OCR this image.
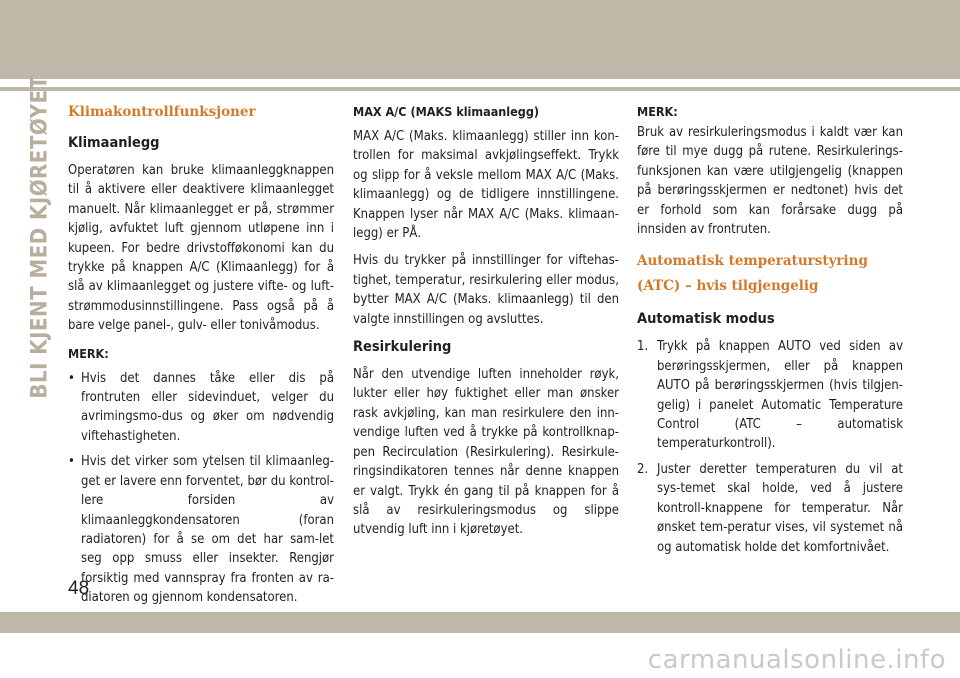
BLI KJENT MED KJØRETØYET Klimakontrollfunksjoner
Klimaanlegg

Operatøren kan bruke klimaanleggknappen til å aktivere eller deaktivere klimaanlegget manuelt. Når klimaanlegget er på, strømmer kjølig, avfuktet luft gjennom utløpene inn i kupeen. For bedre drivstofføkonomi kan du trykke på knappen A/C (Klimaanlegg) for å slå av klimaanlegget og justere vifte- og luft-strømmodusinnstillingene. Pass også på å bare velge panel-, gulv- eller tonivåmodus.

MERK:
• Hvis det dannes tåke eller dis på frontruten eller sidevinduet, velger du avrimingsmo-dus og øker om nødvendig viftehastigheten.
• Hvis det virker som ytelsen til klimaanleg-get er lavere enn forventet, bør du kontrol-lere forsiden av klimaanleggkondensatoren (foran radiatoren) for å se om det har sam-let seg opp smuss eller insekter. Rengjør forsiktig med vannspray fra fronten av ra-diatoren og gjennom kondensatoren.
MAX A/C (MAKS klimaanlegg)

MAX A/C (Maks. klimaanlegg) stiller inn kon-trollen for maksimal avkjølingseffekt. Trykk og slipp for å veksle mellom MAX A/C (Maks. klimaanlegg) og de tidligere innstillingene. Knappen lyser når MAX A/C (Maks. klimaan-legg) er PÅ.

Hvis du trykker på innstillinger for viftehas-tighet, temperatur, resirkulering eller modus, bytter MAX A/C (Maks. klimaanlegg) til den valgte innstillingen og avsluttes.

Resirkulering

Når den utvendige luften inneholder røyk, lukter eller høy fuktighet eller man ønsker rask avkjøling, kan man resirkulere den inn-vendige luften ved å trykke på kontrollknap-pen Recirculation (Resirkulering). Resirkule-ringsindikatoren tennes når denne knappen er valgt. Trykk én gang til på knappen for å slå av resirkuleringsmodus og slippe utvendig luft inn i kjøretøyet.

MERK:

Bruk av resirkuleringsmodus i kaldt vær kan føre til mye dugg på rutene. Resirkulerings-funksjonen kan være utilgjengelig (knappen på berøringsskjermen er nedtonet) hvis det er forhold som kan forårsake dugg på innsiden av frontruten.

Automatisk temperaturstyring (ATC) – hvis tilgjengelig
Automatisk modus
1. Trykk på knappen AUTO ved siden av berøringsskjermen, eller på knappen AUTO på berøringsskjermen (hvis tilgjen-gelig) i panelet Automatic Temperature Control (ATC – automatisk temperaturkontroll).
2. Juster deretter temperaturen du vil at sys-temet skal holde, ved å justere kontroll-knappene for temperatur. Når ønsket tem-peratur vises, vil systemet nå og automatisk holde det komfortnivået.
48
carmanualsonline.info
